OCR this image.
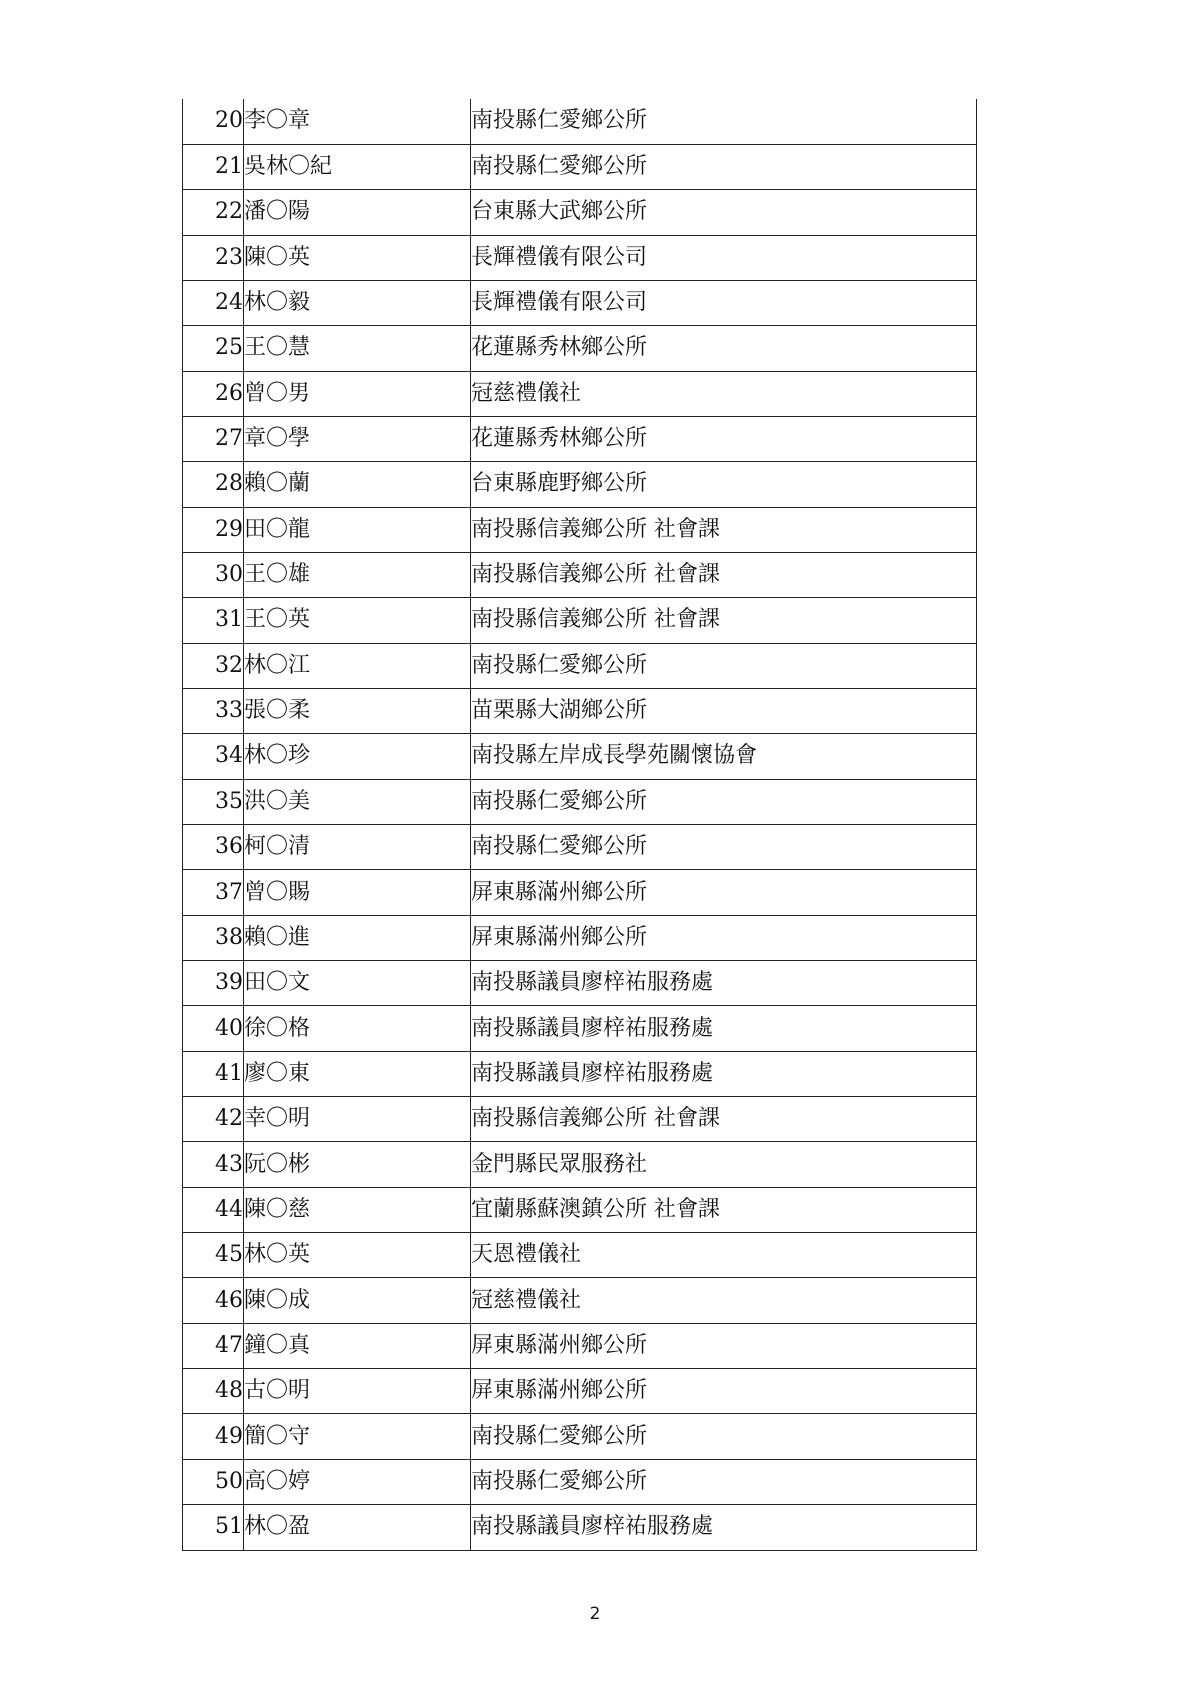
20	李〇章	南投縣仁愛鄉公所
21	吳林〇紀	南投縣仁愛鄉公所
22	潘〇陽	台東縣大武鄉公所
23	陳〇英	長輝禮儀有限公司
24	林〇毅	長輝禮儀有限公司
25	王〇慧	花蓮縣秀林鄉公所
26	曾〇男	冠慈禮儀社
27	章〇學	花蓮縣秀林鄉公所
28	賴〇蘭	台東縣鹿野鄉公所
29	田〇龍	南投縣信義鄉公所 社會課
30	王〇雄	南投縣信義鄉公所 社會課
31	王〇英	南投縣信義鄉公所 社會課
32	林〇江	南投縣仁愛鄉公所
33	張〇柔	苗栗縣大湖鄉公所
34	林〇珍	南投縣左岸成長學苑關懷協會
35	洪〇美	南投縣仁愛鄉公所
36	柯〇清	南投縣仁愛鄉公所
37	曾〇賜	屏東縣滿州鄉公所
38	賴〇進	屏東縣滿州鄉公所
39	田〇文	南投縣議員廖梓祐服務處
40	徐〇格	南投縣議員廖梓祐服務處
41	廖〇東	南投縣議員廖梓祐服務處
42	幸〇明	南投縣信義鄉公所 社會課
43	阮〇彬	金門縣民眾服務社
44	陳〇慈	宜蘭縣蘇澳鎮公所 社會課
45	林〇英	天恩禮儀社
46	陳〇成	冠慈禮儀社
47	鐘〇真	屏東縣滿州鄉公所
48	古〇明	屏東縣滿州鄉公所
49	簡〇守	南投縣仁愛鄉公所
50	高〇婷	南投縣仁愛鄉公所
51	林〇盈	南投縣議員廖梓祐服務處
2
